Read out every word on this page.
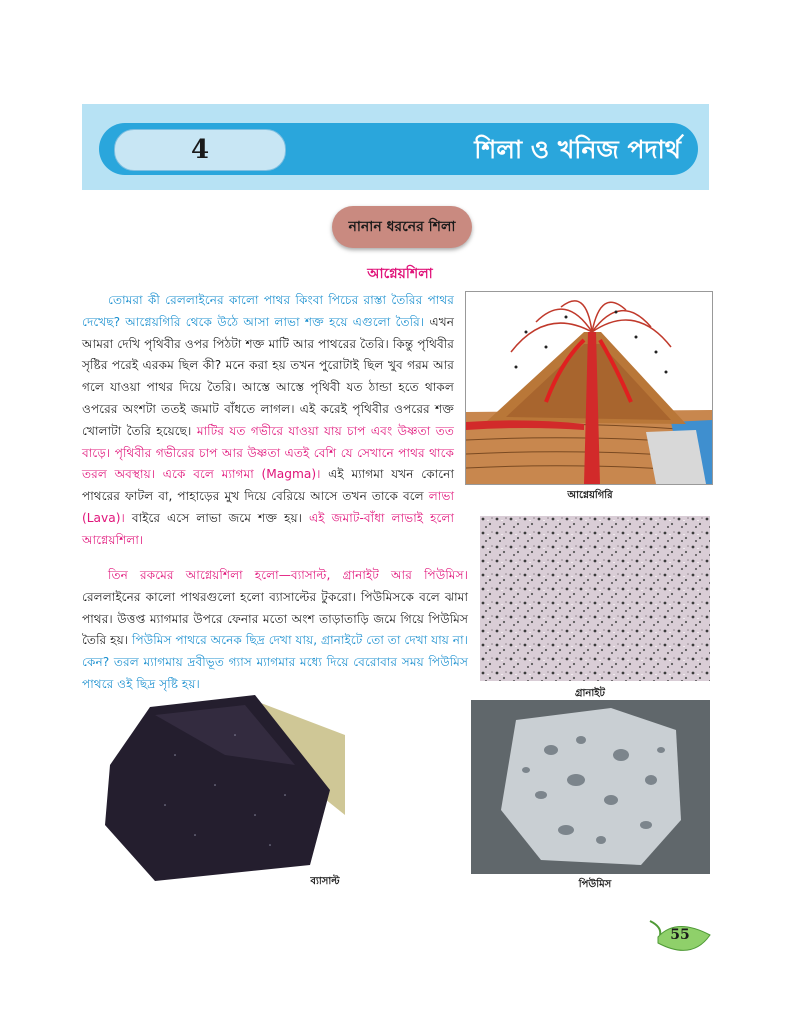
4	শিলা ও খনিজ পদার্থ
নানান ধরনের শিলা
আগ্নেয়শিলা

তোমরা কী রেললাইনের কালো পাথর কিংবা পিচের রাস্তা তৈরির পাথর দেখেছ? আগ্নেয়গিরি থেকে উঠে আসা লাভা শক্ত হয়ে এগুলো তৈরি। এখন আমরা দেখি পৃথিবীর ওপর পিঠটা শক্ত মাটি আর পাথরের তৈরি। কিন্তু পৃথিবীর সৃষ্টির পরেই এরকম ছিল কী? মনে করা হয় তখন পুরোটাই ছিল খুব গরম আর গলে যাওয়া পাথর দিয়ে তৈরি। আস্তে আস্তে পৃথিবী যত ঠান্ডা হতে থাকল ওপরের অংশটা ততই জমাট বাঁধতে লাগল। এই করেই পৃথিবীর ওপরের শক্ত খোলাটা তৈরি হয়েছে। মাটির যত গভীরে যাওয়া যায় চাপ এবং উষ্ণতা তত বাড়ে। পৃথিবীর গভীরের চাপ আর উষ্ণতা এতই বেশি যে সেখানে পাথর থাকে তরল অবস্থায়। একে বলে ম্যাগমা (Magma)। এই ম্যাগমা যখন কোনো পাথরের ফাটল বা, পাহাড়ের মুখ দিয়ে বেরিয়ে আসে তখন তাকে বলে লাভা (Lava)। বাইরে এসে লাভা জমে শক্ত হয়। এই জমাট-বাঁধা লাভাই হলো আগ্নেয়শিলা।

তিন রকমের আগ্নেয়শিলা হলো—ব্যাসাল্ট, গ্রানাইট আর পিউমিস। রেললাইনের কালো পাথরগুলো হলো ব্যাসাল্টের টুকরো। পিউমিসকে বলে ঝামা পাথর। উত্তপ্ত ম্যাগমার উপরে ফেনার মতো অংশ তাড়াতাড়ি জমে গিয়ে পিউমিস তৈরি হয়। পিউমিস পাথরে অনেক ছিদ্র দেখা যায়, গ্রানাইটে তো তা দেখা যায় না। কেন? তরল ম্যাগমায় দ্রবীভূত গ্যাস ম্যাগমার মধ্যে দিয়ে বেরোবার সময় পিউমিস পাথরে ওই ছিদ্র সৃষ্টি হয়।

আগ্নেয়গিরি
গ্রানাইট
ব্যাসাল্ট	পিউমিস
55
